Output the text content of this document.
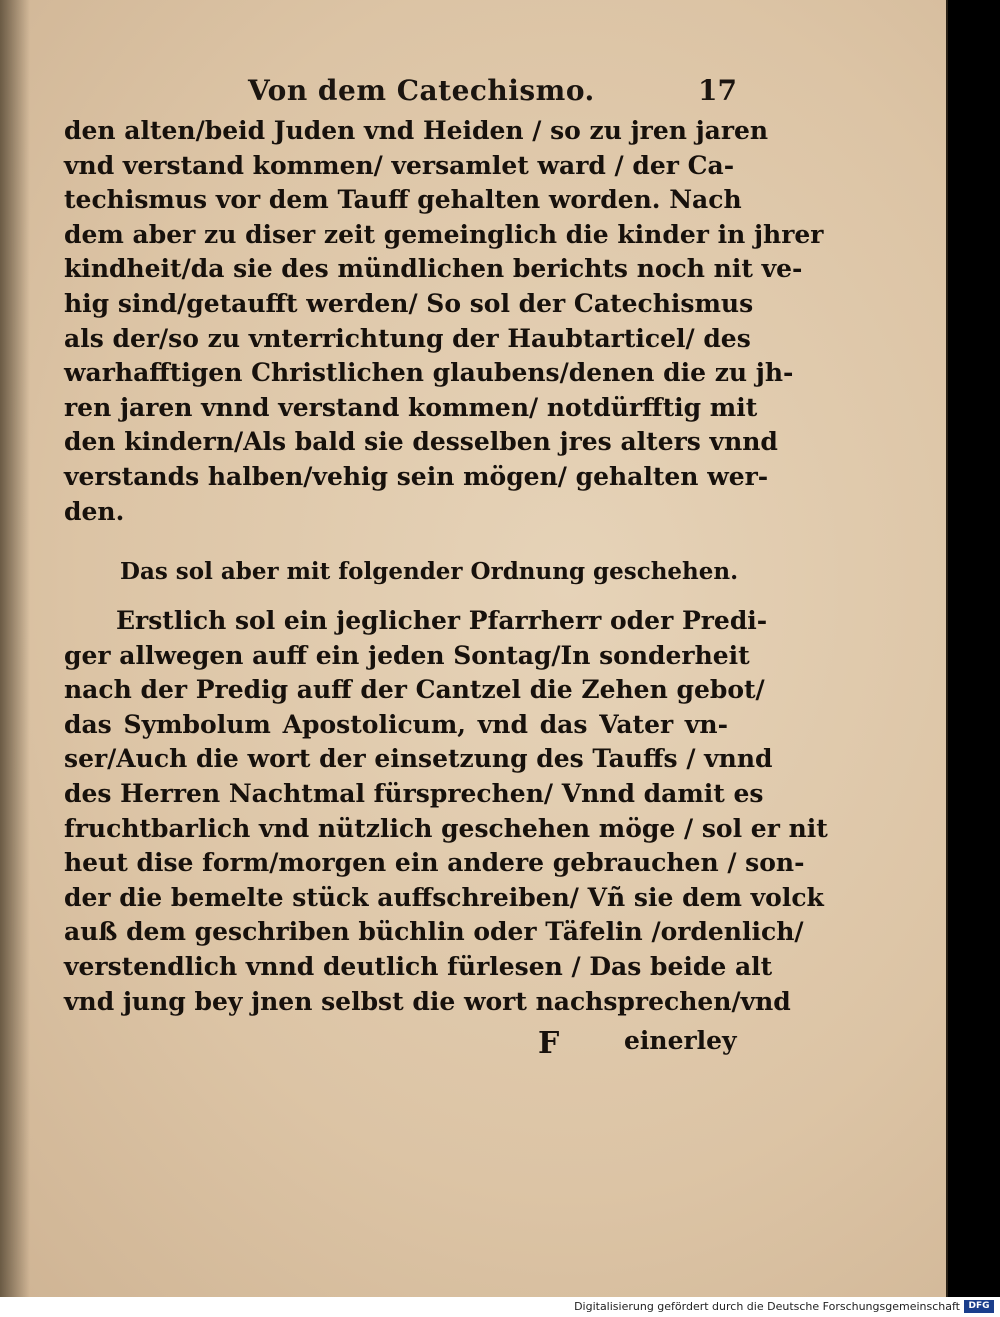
Von dem Catechismo.	17
den alten/beid Juden vnd Heiden / so zu jren jaren
vnd verstand kommen/ versamlet ward / der Ca-
techismus vor dem Tauff gehalten worden. Nach
dem aber zu diser zeit gemeinglich die kinder in jhrer
kindheit/da sie des mündlichen berichts noch nit ve-
hig sind/getaufft werden/ So sol der Catechismus
als der/so zu vnterrichtung der Haubtarticel/ des
warhafftigen Christlichen glaubens/denen die zu jh-
ren jaren vnnd verstand kommen/ notdürfftig mit
den kindern/Als bald sie desselben jres alters vnnd
verstands halben/vehig sein mögen/ gehalten wer-
den.
Das sol aber mit folgender Ordnung geschehen.
Erstlich sol ein jeglicher Pfarrherr oder Predi-
ger allwegen auff ein jeden Sontag/In sonderheit
nach der Predig auff der Cantzel die Zehen gebot/
das Symbolum Apostolicum, vnd das Vater vn-
ser/Auch die wort der einsetzung des Tauffs / vnnd
des Herren Nachtmal fürsprechen/ Vnnd damit es
fruchtbarlich vnd nützlich geschehen möge / sol er nit
heut dise form/morgen ein andere gebrauchen / son-
der die bemelte stück auffschreiben/ Vñ sie dem volck
auß dem geschriben büchlin oder Täfelin /ordenlich/
verstendlich vnnd deutlich fürlesen / Das beide alt
vnd jung bey jnen selbst die wort nachsprechen/vnd
F	einerley
Digitalisierung gefördert durch die Deutsche Forschungsgemeinschaft DFG
